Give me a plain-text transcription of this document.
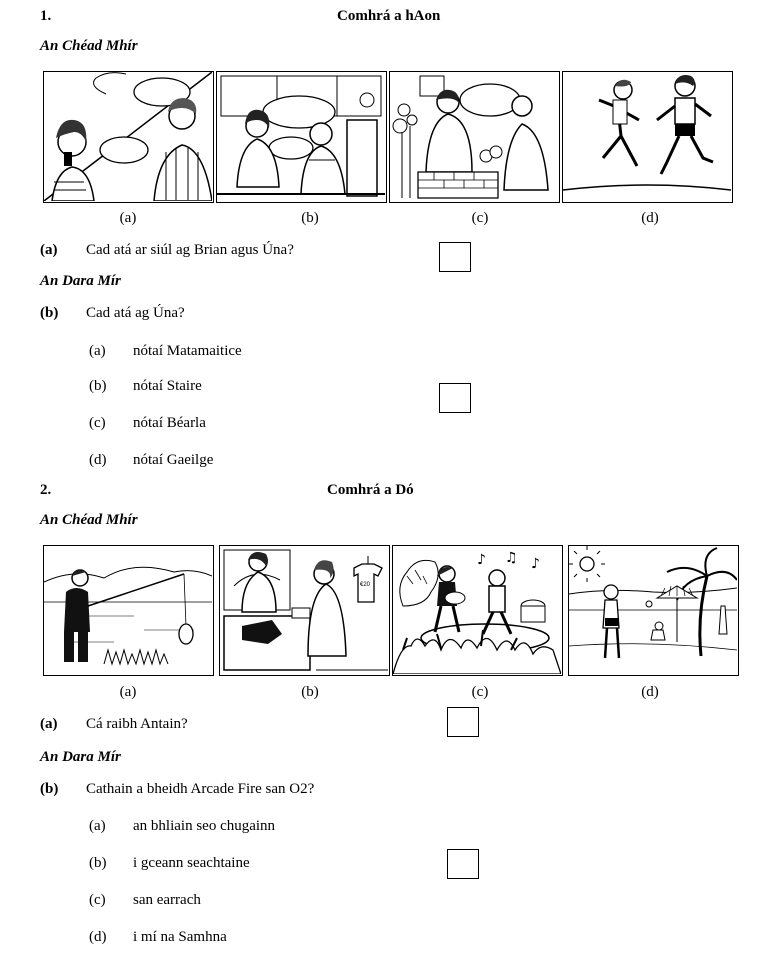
1.	Comhrá a hAon
An Chéad Mhír
(a)	(b)	(c)	(d)
(a) Cad atá ar siúl ag Brian agus Úna?
An Dara Mír
(b) Cad atá ag Úna?
(a) nótaí Matamaitice
(b) nótaí Staire
(c) nótaí Béarla
(d) nótaí Gaeilge
2.	Comhrá a Dó
An Chéad Mhír
€20
♪ ♫ ♪
(a)	(b)	(c)	(d)
(a) Cá raibh Antain?
An Dara Mír
(b) Cathain a bheidh Arcade Fire san O2?
(a) an bhliain seo chugainn
(b) i gceann seachtaine
(c) san earrach
(d) i mí na Samhna
